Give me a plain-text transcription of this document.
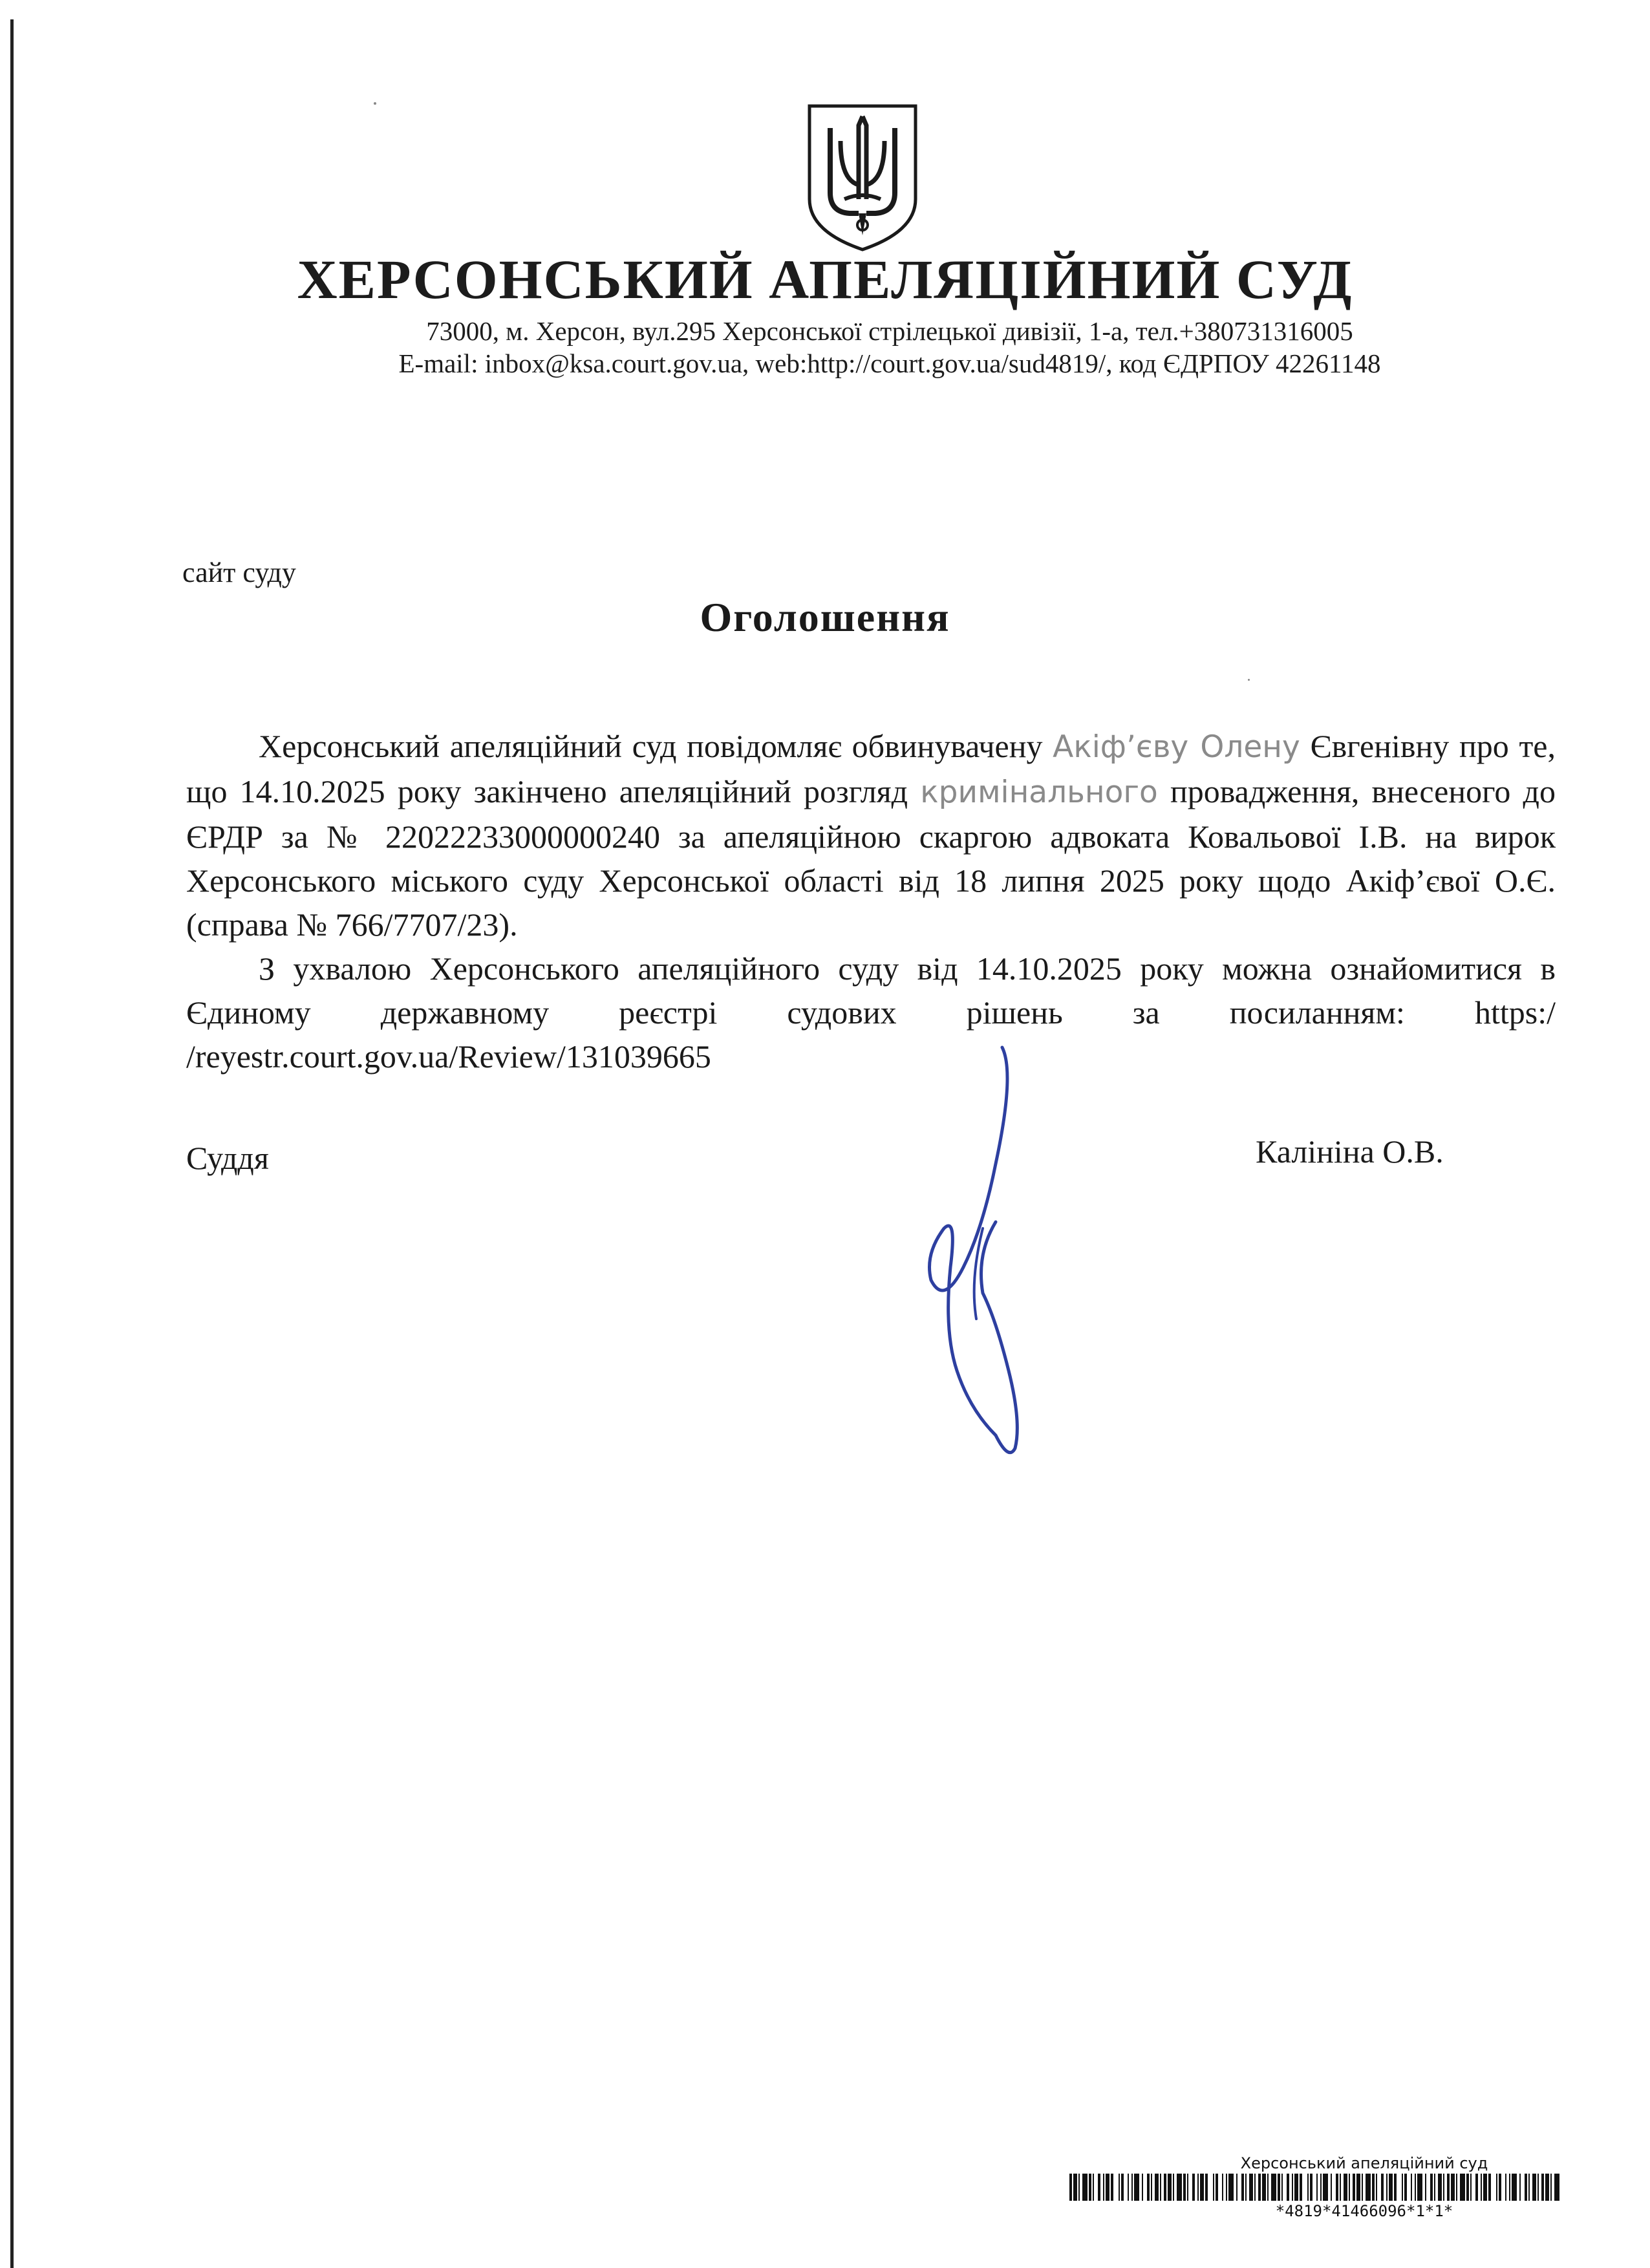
ХЕРСОНСЬКИЙ АПЕЛЯЦІЙНИЙ СУД
73000, м. Херсон, вул.295 Херсонської стрілецької дивізії, 1-а, тел.+380731316005
E-mail: inbox@ksa.court.gov.ua, web:http://court.gov.ua/sud4819/, код ЄДРПОУ 42261148
сайт суду
Оголошення

Херсонський апеляційний суд повідомляє обвинувачену Акіф’єву Олену Євгенівну про те, що 14.10.2025 року закінчено апеляційний розгляд кримінального провадження, внесеного до ЄРДР за № 22022233000000240 за апеляційною скаргою адвоката Ковальової І.В. на вирок Херсонського міського суду Херсонської області від 18 липня 2025 року щодо Акіф’євої О.Є. (справа № 766/7707/23).

З ухвалою Херсонського апеляційного суду від 14.10.2025 року можна ознайомитися в Єдиному державному реєстрі судових рішень за посиланням: https:/ /reyestr.court.gov.ua/Review/131039665

Суддя	Калініна О.В.
Херсонський апеляційний суд
*4819*41466096*1*1*
